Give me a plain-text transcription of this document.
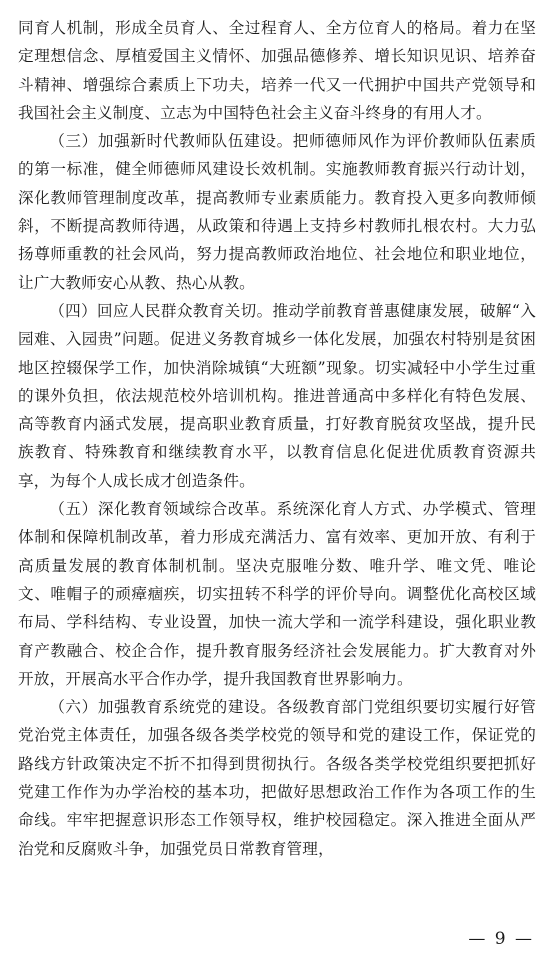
同育人机制，形成全员育人、全过程育人、全方位育人的格局。着力在坚定理想信念、厚植爱国主义情怀、加强品德修养、增长知识见识、培养奋斗精神、增强综合素质上下功夫，培养一代又一代拥护中国共产党领导和我国社会主义制度、立志为中国特色社会主义奋斗终身的有用人才。

（三）加强新时代教师队伍建设。把师德师风作为评价教师队伍素质的第一标准，健全师德师风建设长效机制。实施教师教育振兴行动计划，深化教师管理制度改革，提高教师专业素质能力。教育投入更多向教师倾斜，不断提高教师待遇，从政策和待遇上支持乡村教师扎根农村。大力弘扬尊师重教的社会风尚，努力提高教师政治地位、社会地位和职业地位，让广大教师安心从教、热心从教。

（四）回应人民群众教育关切。推动学前教育普惠健康发展，破解“入园难、入园贵”问题。促进义务教育城乡一体化发展，加强农村特别是贫困地区控辍保学工作，加快消除城镇“大班额”现象。切实减轻中小学生过重的课外负担，依法规范校外培训机构。推进普通高中多样化有特色发展、高等教育内涵式发展，提高职业教育质量，打好教育脱贫攻坚战，提升民族教育、特殊教育和继续教育水平，以教育信息化促进优质教育资源共享，为每个人成长成才创造条件。

（五）深化教育领域综合改革。系统深化育人方式、办学模式、管理体制和保障机制改革，着力形成充满活力、富有效率、更加开放、有利于高质量发展的教育体制机制。坚决克服唯分数、唯升学、唯文凭、唯论文、唯帽子的顽瘴痼疾，切实扭转不科学的评价导向。调整优化高校区域布局、学科结构、专业设置，加快一流大学和一流学科建设，强化职业教育产教融合、校企合作，提升教育服务经济社会发展能力。扩大教育对外开放，开展高水平合作办学，提升我国教育世界影响力。

（六）加强教育系统党的建设。各级教育部门党组织要切实履行好管党治党主体责任，加强各级各类学校党的领导和党的建设工作，保证党的路线方针政策决定不折不扣得到贯彻执行。各级各类学校党组织要把抓好党建工作作为办学治校的基本功，把做好思想政治工作作为各项工作的生命线。牢牢把握意识形态工作领导权，维护校园稳定。深入推进全面从严治党和反腐败斗争，加强党员日常教育管理，

— 9 —
